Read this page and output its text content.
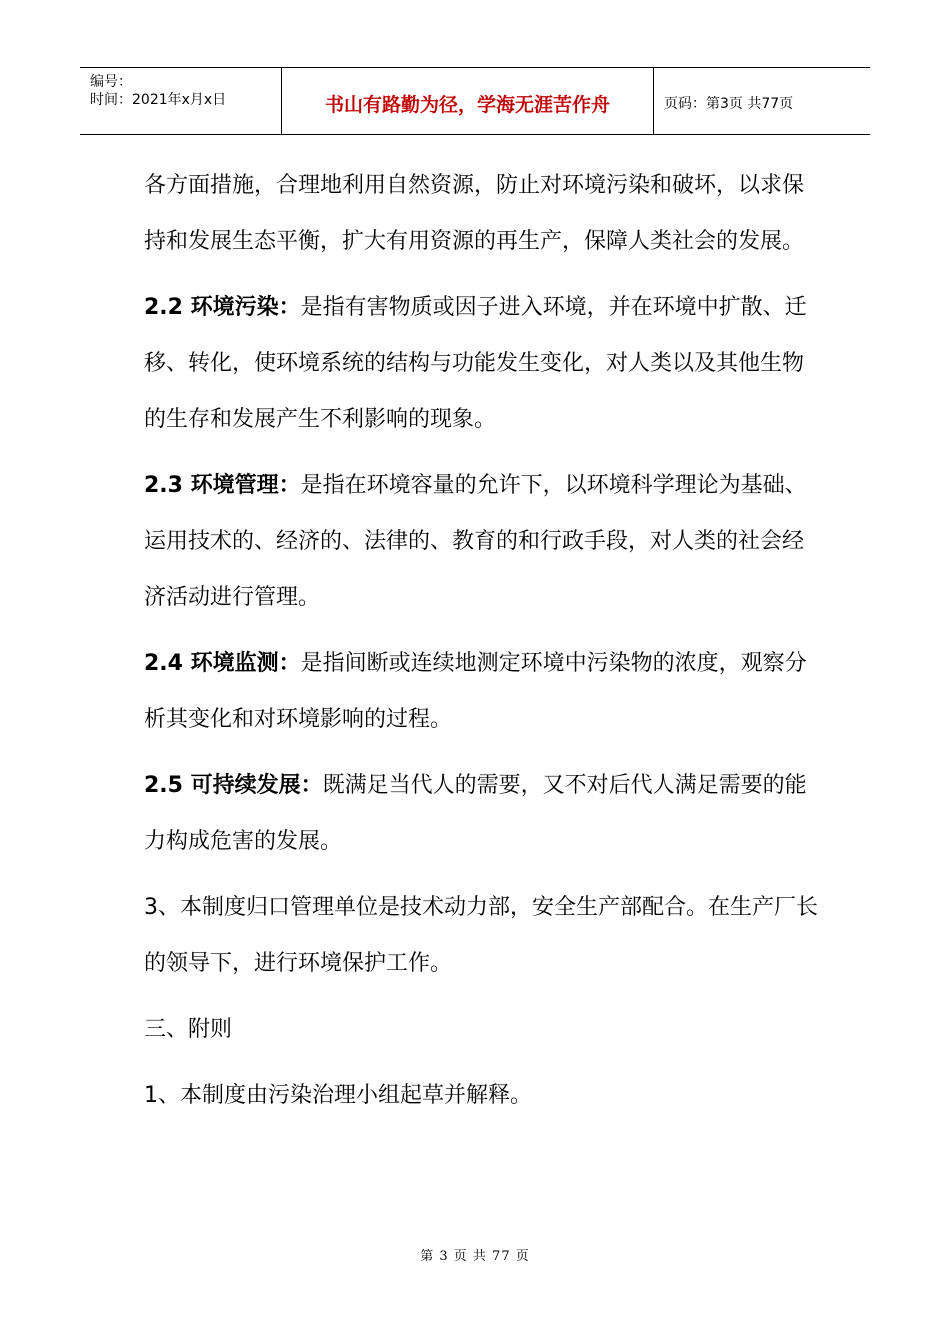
编号：
时间：2021年x月x日	书山有路勤为径，学海无涯苦作舟	页码：第3页 共77页

各方面措施，合理地利用自然资源，防止对环境污染和破坏，以求保持和发展生态平衡，扩大有用资源的再生产，保障人类社会的发展。

2.2 环境污染：是指有害物质或因子进入环境，并在环境中扩散、迁移、转化，使环境系统的结构与功能发生变化，对人类以及其他生物的生存和发展产生不利影响的现象。

2.3 环境管理：是指在环境容量的允许下，以环境科学理论为基础、运用技术的、经济的、法律的、教育的和行政手段，对人类的社会经济活动进行管理。

2.4 环境监测：是指间断或连续地测定环境中污染物的浓度，观察分析其变化和对环境影响的过程。

2.5 可持续发展：既满足当代人的需要，又不对后代人满足需要的能力构成危害的发展。

3、本制度归口管理单位是技术动力部，安全生产部配合。在生产厂长的领导下，进行环境保护工作。

三、附则

1、本制度由污染治理小组起草并解释。

第 3 页 共 77 页
